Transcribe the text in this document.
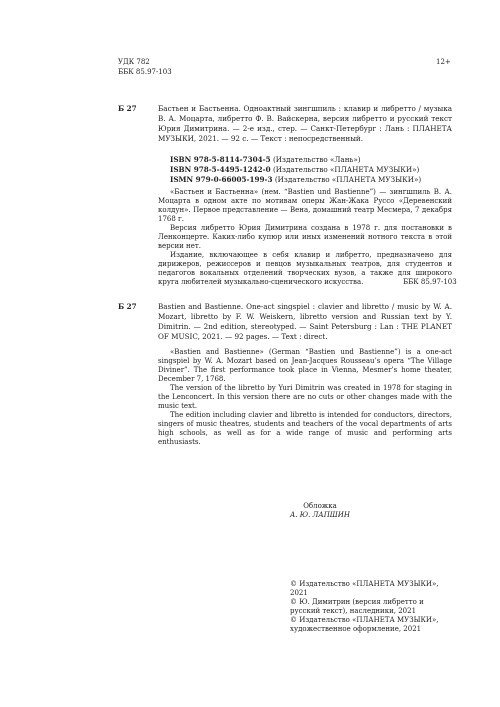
УДК 782
ББК 85.97-103
12+
Б 27	Бастьен и Бастьенна. Одноактный зингшпиль : клавир и либретто / музыка В. А. Моцарта, либретто Ф. В. Вайскерна, версия либретто и русский текст Юрия Димитрина. — 2-е изд., стер. — Санкт-Петербург : Лань : ПЛАНЕТА МУЗЫКИ, 2021. — 92 с. — Текст : непосредственный.
ISBN 978-5-8114-7304-5 (Издательство «Лань»)
ISBN 978-5-4495-1242-0 (Издательство «ПЛАНЕТА МУЗЫКИ»)
ISMN 979-0-66005-199-3 (Издательство «ПЛАНЕТА МУЗЫКИ»)

«Бастьен и Бастьенна» (нем. “Bastien und Bastienne”) — зингшпиль В. А. Моцарта в одном акте по мотивам оперы Жан-Жака Руссо «Деревенский колдун». Первое представление — Вена, домашний театр Месмера, 7 декабря 1768 г.

Версия либретто Юрия Димитрина создана в 1978 г. для постановки в Ленконцерте. Каких-либо купюр или иных изменений нотного текста в этой версии нет.

Издание, включающее в себя клавир и либретто, предназначено для дирижеров, режиссеров и певцов музыкальных театров, для студентов и педагогов вокальных отделений творческих вузов, а также для широкого круга любителей музыкально-сценического искусства.	ББК 85.97-103
Б 27	Bastien and Bastienne. One-act singspiel : clavier and libretto / music by W. A. Mozart, libretto by F. W. Weiskern, libretto version and Russian text by Y. Dimitrin. — 2nd edition, stereotyped. — Saint Petersburg : Lan : THE PLANET OF MUSIC, 2021. — 92 pages. — Text : direct.

«Bastien and Bastienne» (German “Bastien und Bastienne”) is a one-act singspiel by W. A. Mozart based on Jean-Jacques Rousseau’s opera “The Village Diviner”. The first performance took place in Vienna, Mesmer’s home theater, December 7, 1768.

The version of the libretto by Yuri Dimitrin was created in 1978 for staging in the Lenconcert. In this version there are no cuts or other changes made with the music text.

The edition including clavier and libretto is intended for conductors, directors, singers of music theatres, students and teachers of the vocal departments of arts high schools, as well as for a wide range of music and performing arts enthusiasts.

Обложка
А. Ю. ЛАПШИН
© Издательство «ПЛАНЕТА МУЗЫКИ», 2021
© Ю. Димитрин (версия либретто и русский текст), наследники, 2021
© Издательство «ПЛАНЕТА МУЗЫКИ», художественное оформление, 2021
